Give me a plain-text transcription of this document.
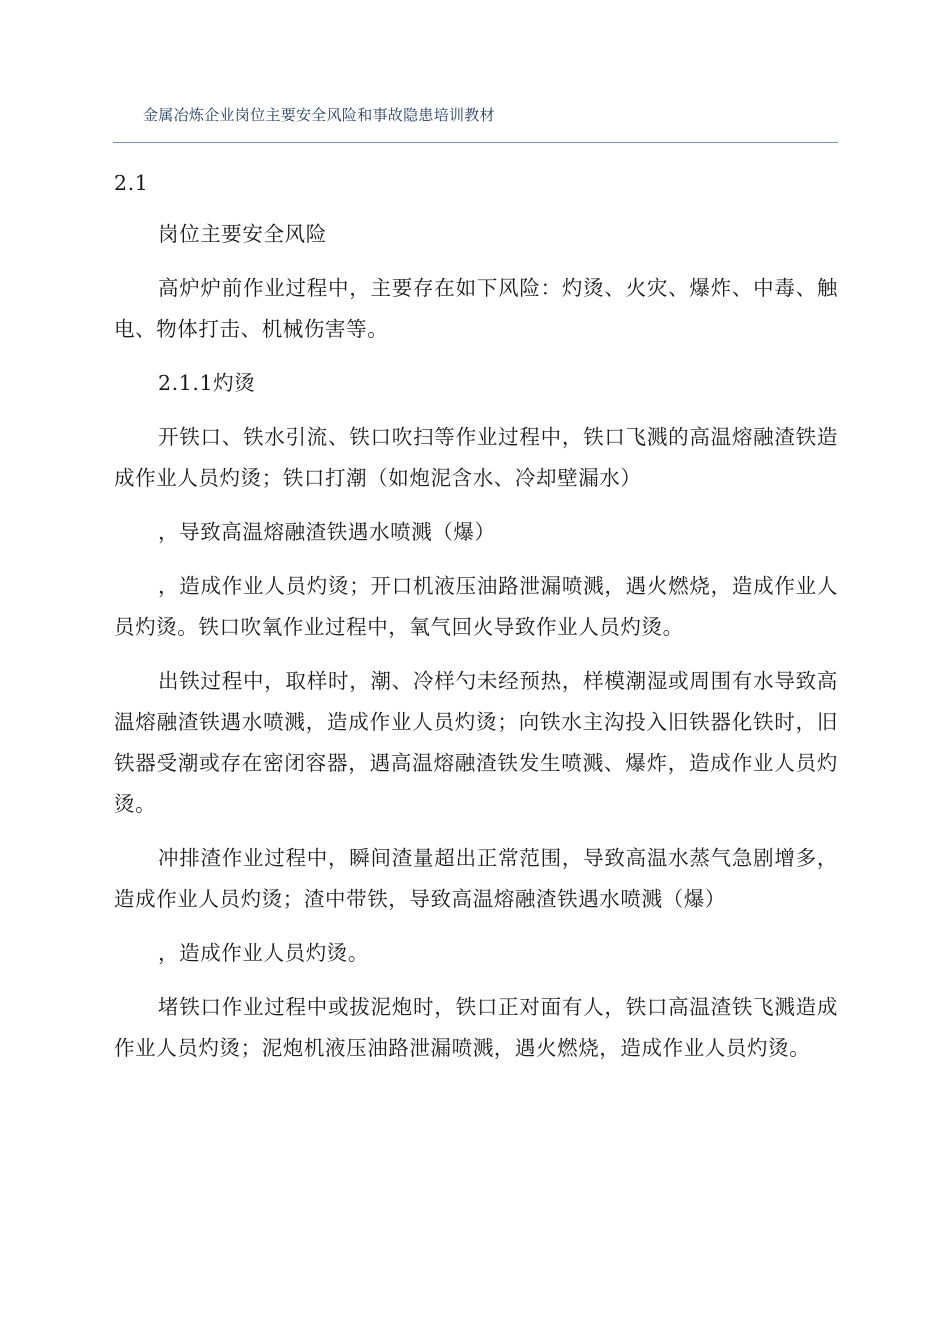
金属冶炼企业岗位主要安全风险和事故隐患培训教材

2.1

岗位主要安全风险

高炉炉前作业过程中，主要存在如下风险：灼烫、火灾、爆炸、中毒、触电、物体打击、机械伤害等。

2.1.1灼烫

开铁口、铁水引流、铁口吹扫等作业过程中，铁口飞溅的高温熔融渣铁造成作业人员灼烫；铁口打潮（如炮泥含水、冷却壁漏水）

，导致高温熔融渣铁遇水喷溅（爆）

，造成作业人员灼烫；开口机液压油路泄漏喷溅，遇火燃烧，造成作业人员灼烫。铁口吹氧作业过程中，氧气回火导致作业人员灼烫。

出铁过程中，取样时，潮、冷样勺未经预热，样模潮湿或周围有水导致高温熔融渣铁遇水喷溅，造成作业人员灼烫；向铁水主沟投入旧铁器化铁时，旧铁器受潮或存在密闭容器，遇高温熔融渣铁发生喷溅、爆炸，造成作业人员灼烫。

冲排渣作业过程中，瞬间渣量超出正常范围，导致高温水蒸气急剧增多，造成作业人员灼烫；渣中带铁，导致高温熔融渣铁遇水喷溅（爆）

，造成作业人员灼烫。

堵铁口作业过程中或拔泥炮时，铁口正对面有人，铁口高温渣铁飞溅造成作业人员灼烫；泥炮机液压油路泄漏喷溅，遇火燃烧，造成作业人员灼烫。
